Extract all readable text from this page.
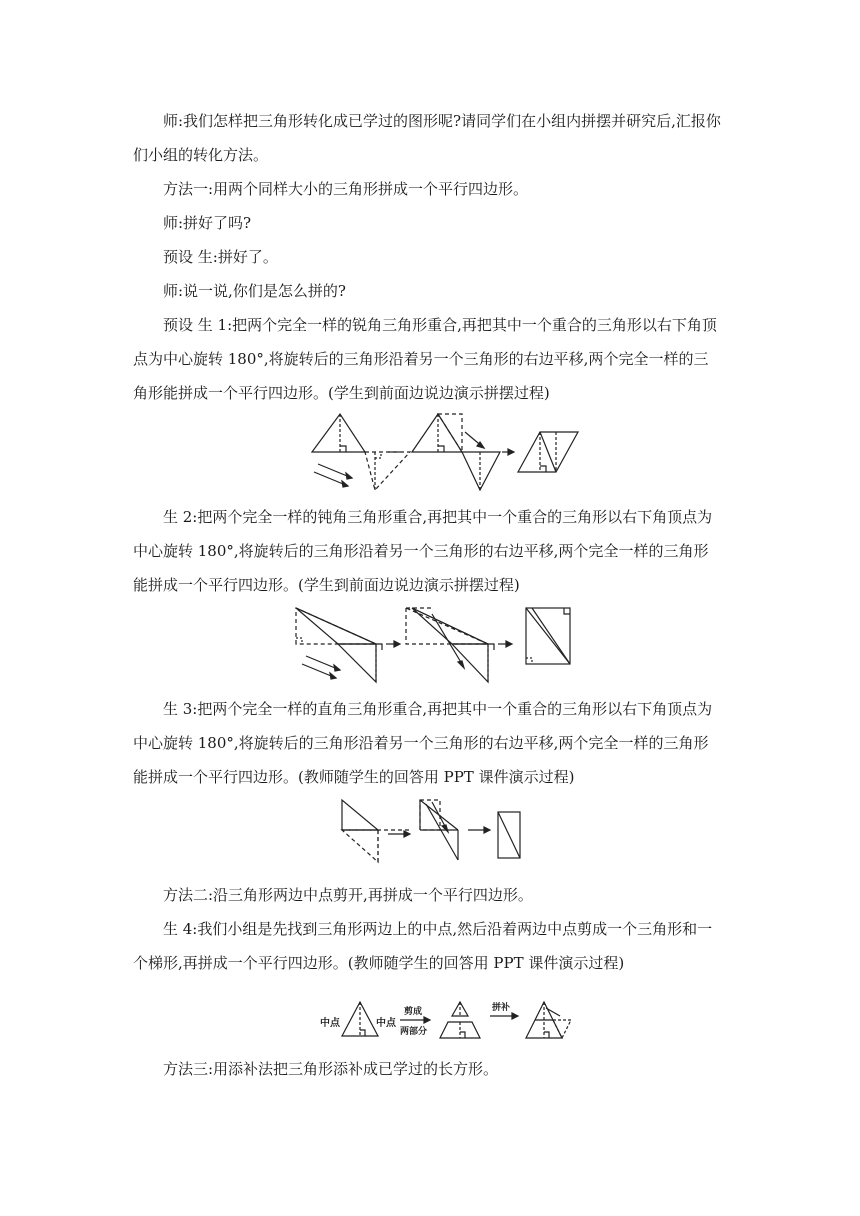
师:我们怎样把三角形转化成已学过的图形呢?请同学们在小组内拼摆并研究后,汇报你
们小组的转化方法。
方法一:用两个同样大小的三角形拼成一个平行四边形。
师:拼好了吗?
预设 生:拼好了。
师:说一说,你们是怎么拼的?
预设 生 1:把两个完全一样的锐角三角形重合,再把其中一个重合的三角形以右下角顶
点为中心旋转 180°,将旋转后的三角形沿着另一个三角形的右边平移,两个完全一样的三
角形能拼成一个平行四边形。(学生到前面边说边演示拼摆过程)
生 2:把两个完全一样的钝角三角形重合,再把其中一个重合的三角形以右下角顶点为
中心旋转 180°,将旋转后的三角形沿着另一个三角形的右边平移,两个完全一样的三角形
能拼成一个平行四边形。(学生到前面边说边演示拼摆过程)
生 3:把两个完全一样的直角三角形重合,再把其中一个重合的三角形以右下角顶点为
中心旋转 180°,将旋转后的三角形沿着另一个三角形的右边平移,两个完全一样的三角形
能拼成一个平行四边形。(教师随学生的回答用 PPT 课件演示过程)
方法二:沿三角形两边中点剪开,再拼成一个平行四边形。
生 4:我们小组是先找到三角形两边上的中点,然后沿着两边中点剪成一个三角形和一
个梯形,再拼成一个平行四边形。(教师随学生的回答用 PPT 课件演示过程)
中点	中点
剪成
两部分
拼补
方法三:用添补法把三角形添补成已学过的长方形。
